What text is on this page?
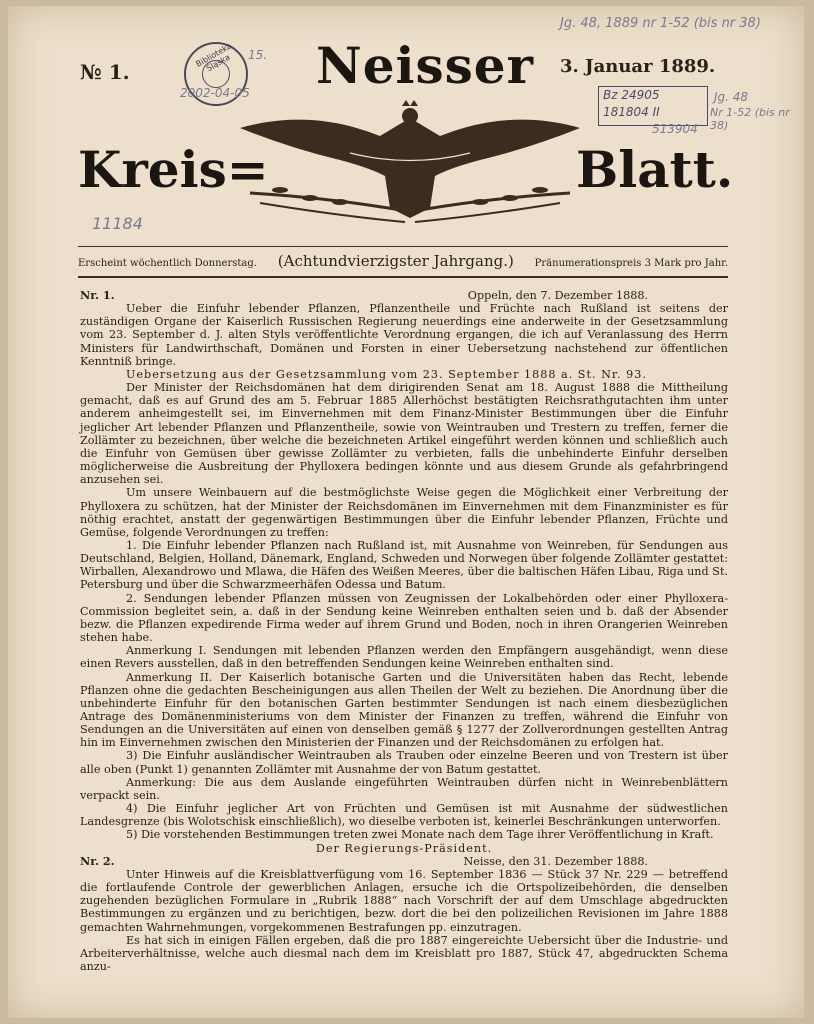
Jg. 48, 1889 nr 1-52 (bis nr 38)
Biblioteka Śląska	15.
2002-04-05
№ 1.	3. Januar 1889.
Neisser	Bz 24905
181804 II
Jg. 48
Nr 1-52 (bis nr 38)
513904
11184
Kreis=	Blatt.
Erscheint wöchentlich Donnerstag. (Achtundvierzigster Jahrgang.) Pränumerationspreis 3 Mark pro Jahr.
Nr. 1.	Oppeln, den 7. Dezember 1888.

Ueber die Einfuhr lebender Pflanzen, Pflanzentheile und Früchte nach Rußland ist seitens der zuständigen Organe der Kaiserlich Russischen Regierung neuerdings eine anderweite in der Gesetzsammlung vom 23. September d. J. alten Styls veröffentlichte Verordnung ergangen, die ich auf Veranlassung des Herrn Ministers für Landwirthschaft, Domänen und Forsten in einer Uebersetzung nachstehend zur öffentlichen Kenntniß bringe.

Uebersetzung aus der Gesetzsammlung vom 23. September 1888 a. St. Nr. 93.

Der Minister der Reichsdomänen hat dem dirigirenden Senat am 18. August 1888 die Mittheilung gemacht, daß es auf Grund des am 5. Februar 1885 Allerhöchst bestätigten Reichsrathgutachten ihm unter anderem anheimgestellt sei, im Einvernehmen mit dem Finanz-Minister Bestimmungen über die Einfuhr jeglicher Art lebender Pflanzen und Pflanzentheile, sowie von Weintrauben und Trestern zu treffen, ferner die Zollämter zu bezeichnen, über welche die bezeichneten Artikel eingeführt werden können und schließlich auch die Einfuhr von Gemüsen über gewisse Zollämter zu verbieten, falls die unbehinderte Einfuhr derselben möglicherweise die Ausbreitung der Phylloxera bedingen könnte und aus diesem Grunde als gefahrbringend anzusehen sei.

Um unsere Weinbauern auf die bestmöglichste Weise gegen die Möglichkeit einer Verbreitung der Phylloxera zu schützen, hat der Minister der Reichsdomänen im Einvernehmen mit dem Finanzminister es für nöthig erachtet, anstatt der gegenwärtigen Bestimmungen über die Einfuhr lebender Pflanzen, Früchte und Gemüse, folgende Verordnungen zu treffen:

1. Die Einfuhr lebender Pflanzen nach Rußland ist, mit Ausnahme von Weinreben, für Sendungen aus Deutschland, Belgien, Holland, Dänemark, England, Schweden und Norwegen über folgende Zollämter gestattet: Wirballen, Alexandrowo und Mlawa, die Häfen des Weißen Meeres, über die baltischen Häfen Libau, Riga und St. Petersburg und über die Schwarzmeerhäfen Odessa und Batum.

2. Sendungen lebender Pflanzen müssen von Zeugnissen der Lokalbehörden oder einer Phylloxera-Commission begleitet sein, a. daß in der Sendung keine Weinreben enthalten seien und b. daß der Absender bezw. die Pflanzen expedirende Firma weder auf ihrem Grund und Boden, noch in ihren Orangerien Weinreben stehen habe.

Anmerkung I. Sendungen mit lebenden Pflanzen werden den Empfängern ausgehändigt, wenn diese einen Revers ausstellen, daß in den betreffenden Sendungen keine Weinreben enthalten sind.

Anmerkung II. Der Kaiserlich botanische Garten und die Universitäten haben das Recht, lebende Pflanzen ohne die gedachten Bescheinigungen aus allen Theilen der Welt zu beziehen. Die Anordnung über die unbehinderte Einfuhr für den botanischen Garten bestimmter Sendungen ist nach einem diesbezüglichen Antrage des Domänenministeriums von dem Minister der Finanzen zu treffen, während die Einfuhr von Sendungen an die Universitäten auf einen von denselben gemäß § 1277 der Zollverordnungen gestellten Antrag hin im Einvernehmen zwischen den Ministerien der Finanzen und der Reichsdomänen zu erfolgen hat.

3) Die Einfuhr ausländischer Weintrauben als Trauben oder einzelne Beeren und von Trestern ist über alle oben (Punkt 1) genannten Zollämter mit Ausnahme der von Batum gestattet.

Anmerkung: Die aus dem Auslande eingeführten Weintrauben dürfen nicht in Weinrebenblättern verpackt sein.

4) Die Einfuhr jeglicher Art von Früchten und Gemüsen ist mit Ausnahme der südwestlichen Landesgrenze (bis Wolotschisk einschließlich), wo dieselbe verboten ist, keinerlei Beschränkungen unterworfen.

5) Die vorstehenden Bestimmungen treten zwei Monate nach dem Tage ihrer Veröffentlichung in Kraft.

Der Regierungs-Präsident.

Nr. 2.	Neisse, den 31. Dezember 1888.

Unter Hinweis auf die Kreisblattverfügung vom 16. September 1836 — Stück 37 Nr. 229 — betreffend die fortlaufende Controle der gewerblichen Anlagen, ersuche ich die Ortspolizeibehörden, die denselben zugehenden bezüglichen Formulare in „Rubrik 1888“ nach Vorschrift der auf dem Umschlage abgedruckten Bestimmungen zu ergänzen und zu berichtigen, bezw. dort die bei den polizeilichen Revisionen im Jahre 1888 gemachten Wahrnehmungen, vorgekommenen Bestrafungen pp. einzutragen.

Es hat sich in einigen Fällen ergeben, daß die pro 1887 eingereichte Uebersicht über die Industrie- und Arbeiterverhältnisse, welche auch diesmal nach dem im Kreisblatt pro 1887, Stück 47, abgedruckten Schema anzu-
